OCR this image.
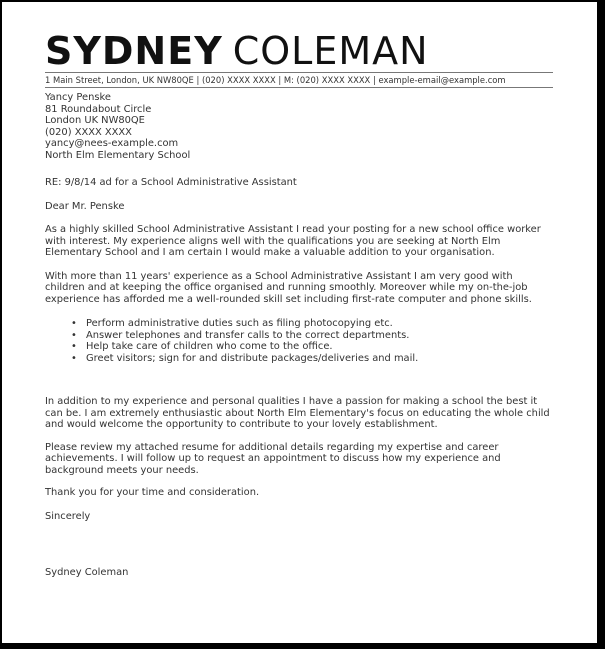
SYDNEY COLEMAN
1 Main Street, London, UK NW80QE | (020) XXXX XXXX | M: (020) XXXX XXXX | example-email@example.com
Yancy Penske
81 Roundabout Circle
London UK NW80QE
(020) XXXX XXXX
yancy@nees-example.com
North Elm Elementary School

RE: 9/8/14 ad for a School Administrative Assistant

Dear Mr. Penske

As a highly skilled School Administrative Assistant I read your posting for a new school office worker with interest. My experience aligns well with the qualifications you are seeking at North Elm Elementary School and I am certain I would make a valuable addition to your organisation.

With more than 11 years' experience as a School Administrative Assistant I am very good with children and at keeping the office organised and running smoothly. Moreover while my on-the-job experience has afforded me a well-rounded skill set including first-rate computer and phone skills.

• Perform administrative duties such as filing photocopying etc.
• Answer telephones and transfer calls to the correct departments.
• Help take care of children who come to the office.
• Greet visitors; sign for and distribute packages/deliveries and mail.

In addition to my experience and personal qualities I have a passion for making a school the best it can be. I am extremely enthusiastic about North Elm Elementary's focus on educating the whole child and would welcome the opportunity to contribute to your lovely establishment.

Please review my attached resume for additional details regarding my expertise and career achievements. I will follow up to request an appointment to discuss how my experience and background meets your needs.

Thank you for your time and consideration.

Sincerely

Sydney Coleman
